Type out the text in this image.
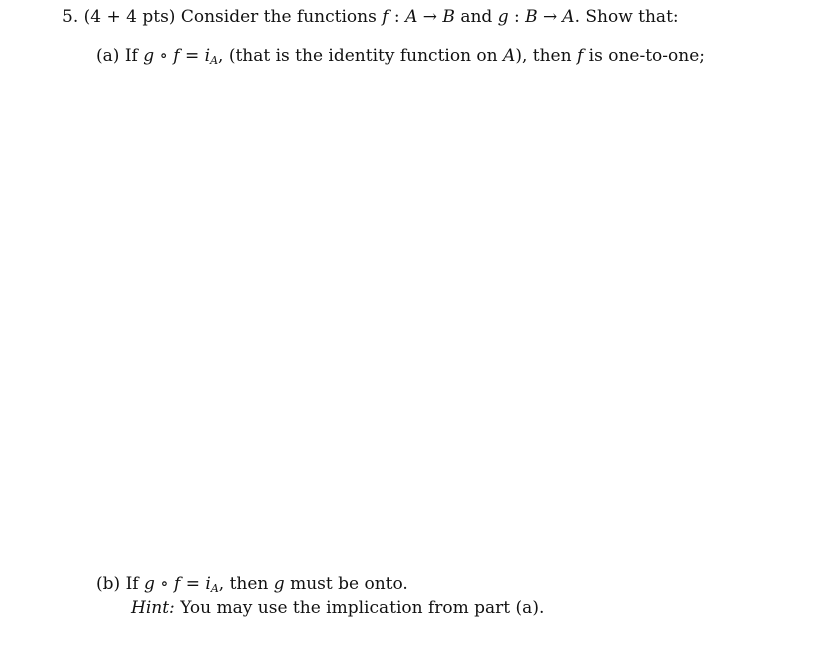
5. (4 + 4 pts) Consider the functions f : A → B and g : B → A. Show that:
(a) If g ∘ $f = i_A$, (that is the identity function on A), then f is one-to-one;
(b) If g ∘ $f = i_A$, then g must be onto.
Hint: You may use the implication from part (a).
